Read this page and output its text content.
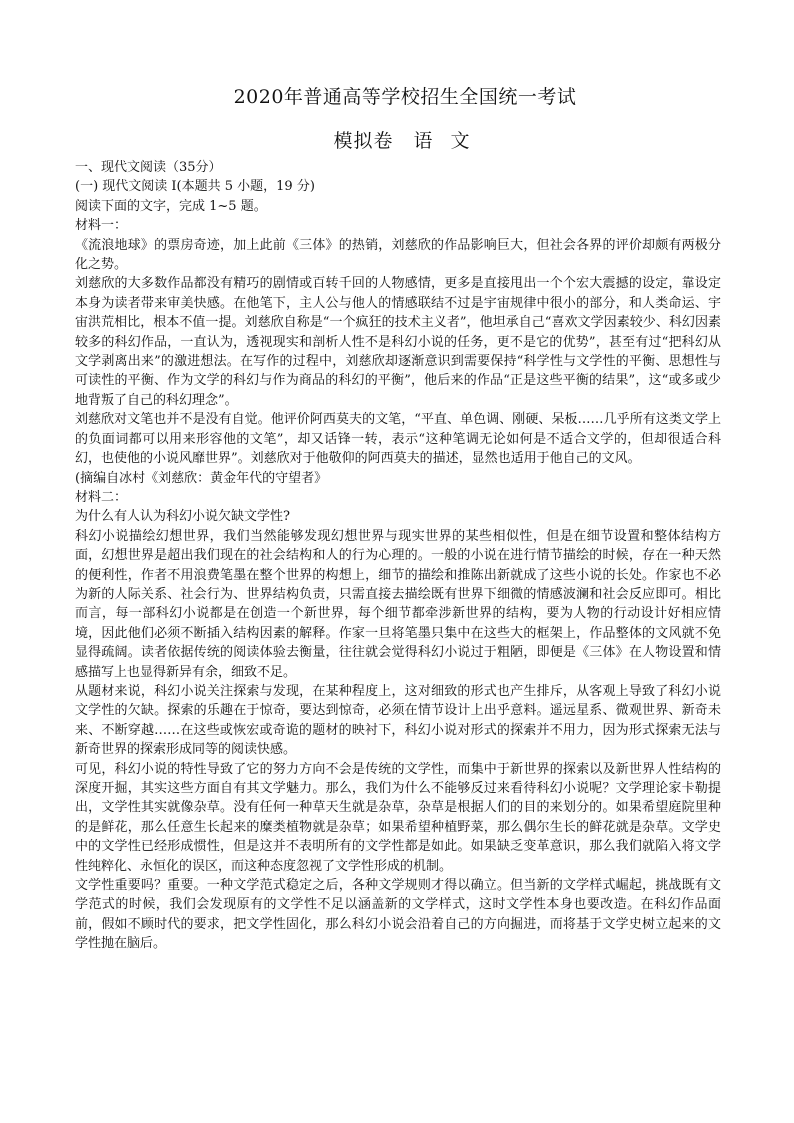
2020年普通高等学校招生全国统一考试
模拟卷 语 文

一、现代文阅读（35分）

(一) 现代文阅读 I(本题共 5 小题，19 分)

阅读下面的文字，完成 1~5 题。

材料一：

《流浪地球》的票房奇迹，加上此前《三体》的热销，刘慈欣的作品影响巨大，但社会各界的评价却颇有两极分化之势。

刘慈欣的大多数作品都没有精巧的剧情或百转千回的人物感情，更多是直接甩出一个个宏大震撼的设定，靠设定本身为读者带来审美快感。在他笔下，主人公与他人的情感联结不过是宇宙规律中很小的部分，和人类命运、宇宙洪荒相比，根本不值一提。刘慈欣自称是“一个疯狂的技术主义者”，他坦承自己“喜欢文学因素较少、科幻因素较多的科幻作品，一直认为，透视现实和剖析人性不是科幻小说的任务，更不是它的优势”，甚至有过“把科幻从文学剥离出来”的激进想法。在写作的过程中，刘慈欣却逐渐意识到需要保持“科学性与文学性的平衡、思想性与可读性的平衡、作为文学的科幻与作为商品的科幻的平衡”，他后来的作品“正是这些平衡的结果”，这“或多或少地背叛了自己的科幻理念”。

刘慈欣对文笔也并不是没有自觉。他评价阿西莫夫的文笔，“平直、单色调、刚硬、呆板……几乎所有这类文学上的负面词都可以用来形容他的文笔”，却又话锋一转，表示“这种笔调无论如何是不适合文学的，但却很适合科幻，也使他的小说风靡世界”。刘慈欣对于他敬仰的阿西莫夫的描述，显然也适用于他自己的文风。

(摘编自冰村《刘慈欣：黄金年代的守望者》

材料二：

为什么有人认为科幻小说欠缺文学性?

科幻小说描绘幻想世界，我们当然能够发现幻想世界与现实世界的某些相似性，但是在细节设置和整体结构方面，幻想世界是超出我们现在的社会结构和人的行为心理的。一般的小说在进行情节描绘的时候，存在一种天然的便利性，作者不用浪费笔墨在整个世界的构想上，细节的描绘和推陈出新就成了这些小说的长处。作家也不必为新的人际关系、社会行为、世界结构负责，只需直接去描绘既有世界下细微的情感波澜和社会反应即可。相比而言，每一部科幻小说都是在创造一个新世界，每个细节都牵涉新世界的结构，要为人物的行动设计好相应情境，因此他们必须不断插入结构因素的解释。作家一旦将笔墨只集中在这些大的框架上，作品整体的文风就不免显得疏阔。读者依据传统的阅读体验去衡量，往往就会觉得科幻小说过于粗陋，即便是《三体》在人物设置和情感描写上也显得新异有余，细致不足。

从题材来说，科幻小说关注探索与发现，在某种程度上，这对细致的形式也产生排斥，从客观上导致了科幻小说文学性的欠缺。探索的乐趣在于惊奇，要达到惊奇，必须在情节设计上出乎意料。遥远星系、微观世界、新奇未来、不断穿越……在这些或恢宏或奇诡的题材的映衬下，科幻小说对形式的探索并不用力，因为形式探索无法与新奇世界的探索形成同等的阅读快感。

可见，科幻小说的特性导致了它的努力方向不会是传统的文学性，而集中于新世界的探索以及新世界人性结构的深度开掘，其实这些方面自有其文学魅力。那么，我们为什么不能够反过来看待科幻小说呢？文学理论家卡勒提出，文学性其实就像杂草。没有任何一种草天生就是杂草，杂草是根据人们的目的来划分的。如果希望庭院里种的是鲜花，那么任意生长起来的糜类植物就是杂草；如果希望种植野菜，那么偶尔生长的鲜花就是杂草。文学史中的文学性已经形成惯性，但是这并不表明所有的文学性都是如此。如果缺乏变革意识，那么我们就陷入将文学性纯粹化、永恒化的误区，而这种态度忽视了文学性形成的机制。

文学性重要吗？重要。一种文学范式稳定之后，各种文学规则才得以确立。但当新的文学样式崛起，挑战既有文学范式的时候，我们会发现原有的文学性不足以涵盖新的文学样式，这时文学性本身也要改造。在科幻作品面前，假如不顾时代的要求，把文学性固化，那么科幻小说会沿着自己的方向掘进，而将基于文学史树立起来的文学性抛在脑后。
